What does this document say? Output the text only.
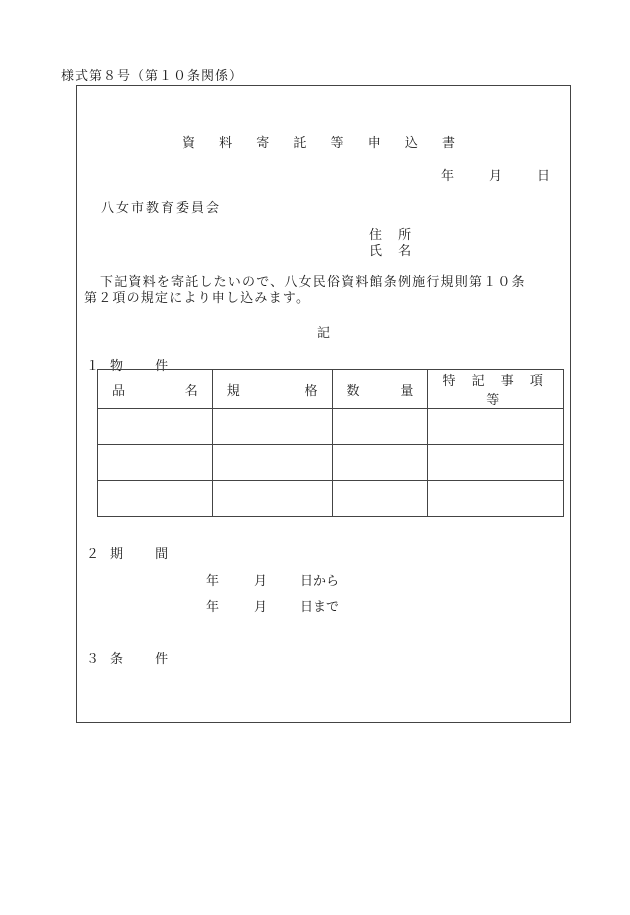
様式第８号（第１０条関係）
資 料 寄 託 等 申 込 書
年	月	日
八女市教育委員会
住 所
氏 名
下記資料を寄託したいので、八女民俗資料館条例施行規則第１０条
第２項の規定により申し込みます。
記
１ 物 件
品 名	規 格	数 量	特 記 事 項 等

２ 期 間
年	月	日から
年	月	日まで
３ 条 件
